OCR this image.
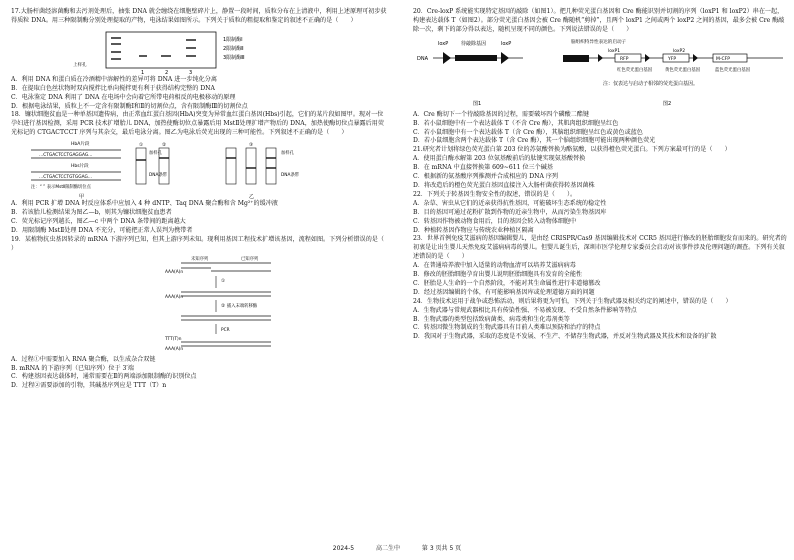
17.大肠杆菌经溶菌酶和去污剂处理后，抽张 DNA 就会缠绕在细胞壁碎片上，静置一段时间，质粒分布在上清液中，利用上述原理可初步获得质粒 DNA。用三种限制酶分别处理提取的产物，电泳结果如图所示。下列关于质粒的粗提取和鉴定的叙述不正确的是（　　）

上样孔
1	2	3
1限制酶Ⅰ
2限制酶Ⅱ
3限制酶Ⅲ

A．利用 DNA 和蛋白质在冷酒精中溶解性的差异可将 DNA 进一步纯化分离

B．在提取白色丝状物时双向搅拌比单向搅拌更有利于获得结构完整的 DNA

C．电泳鉴定 DNA 利用了 DNA 在电场中会向着它所带电荷相反的电极移动的原理

D．根据电泳结果，质粒上不一定含有限制酶Ⅰ和Ⅱ的切割位点，含有限制酶Ⅲ的切割位点

18．镰状细胞贫血是一种单基因遗传病，由正常血红蛋白基因(HbA)突变为异常血红蛋白基因(Hbs)引起，它们的某片段如图甲。现对一位孕妇进行基因检测，采用 PCR 技术扩增胎儿 DNA，加热使酶切位点暴露后用 MstⅡ处理扩增产物后的 DNA，加热使酶切位点暴露后用荧光标记的 CTGACTCCT 序列与其杂交，最后电泳分离。图乙为电泳后荧光出现的三种可能性。下列叙述不正确的是（　　）

HbA片段
…CTGACTCCTGAGGAG…
Hbs片段
…CTGACTCCTGTGGAG…
注：“ ” 表示MstⅡ限制酶切位点
甲
加样孔
DNA条带
①	②	③
加样孔
DNA条带
乙

A．利用 PCR 扩增 DNA 时反应体系中应加入 4 种 dNTP、Taq DNA 聚合酶和含 Mg²⁺的缓冲液

B．若该胎儿检测结果为图乙—b，则其为镰状细胞贫血患者

C．荧光标记序列越长，图乙—c 中两个 DNA 条带间的距离越大

D．用限制酶 MstⅡ处理 DNA 不充分，可能把正常人误判为携带者

19．某植物抗虫基因转录的 mRNA 下游序列已知，但其上游序列未知。现利用基因工程技术扩增该基因，流程如图。下列分析错误的是（　　）

未知序列	已知序列
AAA(A)n
①
AAA(A)n
② 插入末端转移酶
PCR
TTT(T)n
AAA(A)n

A．过程①中需要加入 RNA 聚合酶，以生成杂合双链

B. mRNA 的下游序列（已知序列）位于 3′端

C．构建基因表达载体时，通常需要在Ⅱ的两端添加限制酶的识别位点

D．过程②需要添加的引物，其碱基序列应是 TTT（T）n

20．Cre-loxP 系统能实现特定基因的敲除（如图1）。把几种荧光蛋白基因和 Cre 酶能识别并切割的序列（loxP1 和 loxP2）串在一起，构建表达载体 T（如图2）。部分荧光蛋白基因会被 Cre 酶随机“剪掉”，且两个 loxP1 之间或两个 loxP2 之间的基因，最多会被 Cre 酶敲除一次，剩下的部分得以表达，随机呈现不同的颜色。下列说法错误的是（　　）

loxP	待敲除基因	loxP
DNA
图1
脑组织特异性表达的启动子
loxP1	loxP2
RFP	YFP	M-CFP
红色荧光蛋白基因	黄色荧光蛋白基因	蓝色荧光蛋白基因
注：仅表达与启动子相邻的荧光蛋白基因。
图2

A．Cre 酶切下一个待敲除基因的过程，需要破坏四个磷酸二酯键

B．若小鼠细胞中有一个表达载体 T（不含 Cre 酶），其肌肉组织细胞呈红色

C．若小鼠细胞中有一个表达载体 T（含 Cre 酶），其脑组织细胞呈红色或黄色或蓝色

D．若小鼠细胞含两个表达载体 T（含 Cre 酶），其一个脑组织细胞可能出现两种颜色荧光

21.研究者计划将绿色荧光蛋白第 203 位的苏氨酸替换为酪氨酸，以获得橙色荧光蛋白。下列方案最可行的是（　　）

A．使用蛋白酶水解第 203 位氨基酸前后的肽键实现氨基酸替换

B．在 mRNA 中直接替换第 609~611 位三个碱基

C．根据新的氨基酸序列推测并合成相应的 DNA 序列

D．将改造后的橙色荧光蛋白基因直接注入大肠杆菌获得转基因菌株

22．下列关于转基因生物安全性的叙述，错误的是（　　）。

A．杂草、害虫从它们的近亲获得抗性基因，可能破坏生态系统的稳定性

B．目的基因可通过花粉扩散到作物的近亲生物中，从而污染生物基因库

C．转基因作物被动物食用后，目的基因会转入动物体细胞中

D．种植转基因作物应与传统农业种植区隔离

23．世界首例免疫艾滋病的基因编辑婴儿，是由经 CRISPR/Cas9 基因编辑技术对 CCR5 基因进行修改的胚胎细胞发育而来的。研究者的初衷是让出生婴儿天然免疫艾滋病病毒的婴儿。但婴儿诞生后，深圳市医学伦理专家委员会启动对该事件涉及伦理问题的调查。下列有关叙述错误的是（　　）

A．在普通培养液中加入适量的动物血清可以培养艾滋病病毒

B．修改的胚胎细胞孕育出婴儿说明胚胎细胞具有发育的全能性

C．胚胎是人生命的一个自然阶段，不能对其生命属性进行非道德篡改

D．经过基因编辑的个体，有可能影响基因库或伦理道德方面的问题

24．生物技术运用于战争或恐怖活动，则后果将更为可怕，下列关于生物武器及相关约定的阐述中，错误的是（　　）

A．生物武器与常规武器相比具有传染性强、不易被发现、不受自然条件影响等特点

B．生物武器的类型包括致病菌类、病毒类和生化毒剂类等

C．转基因微生物制成的生物武器具有目前人类难以预防和治疗的特点

D．我国对于生物武器，采取的态度是不发展、不生产、不储存生物武器，并反对生物武器及其技术和设备的扩散

2024-5	高二生中	第 3 页共 5 页
